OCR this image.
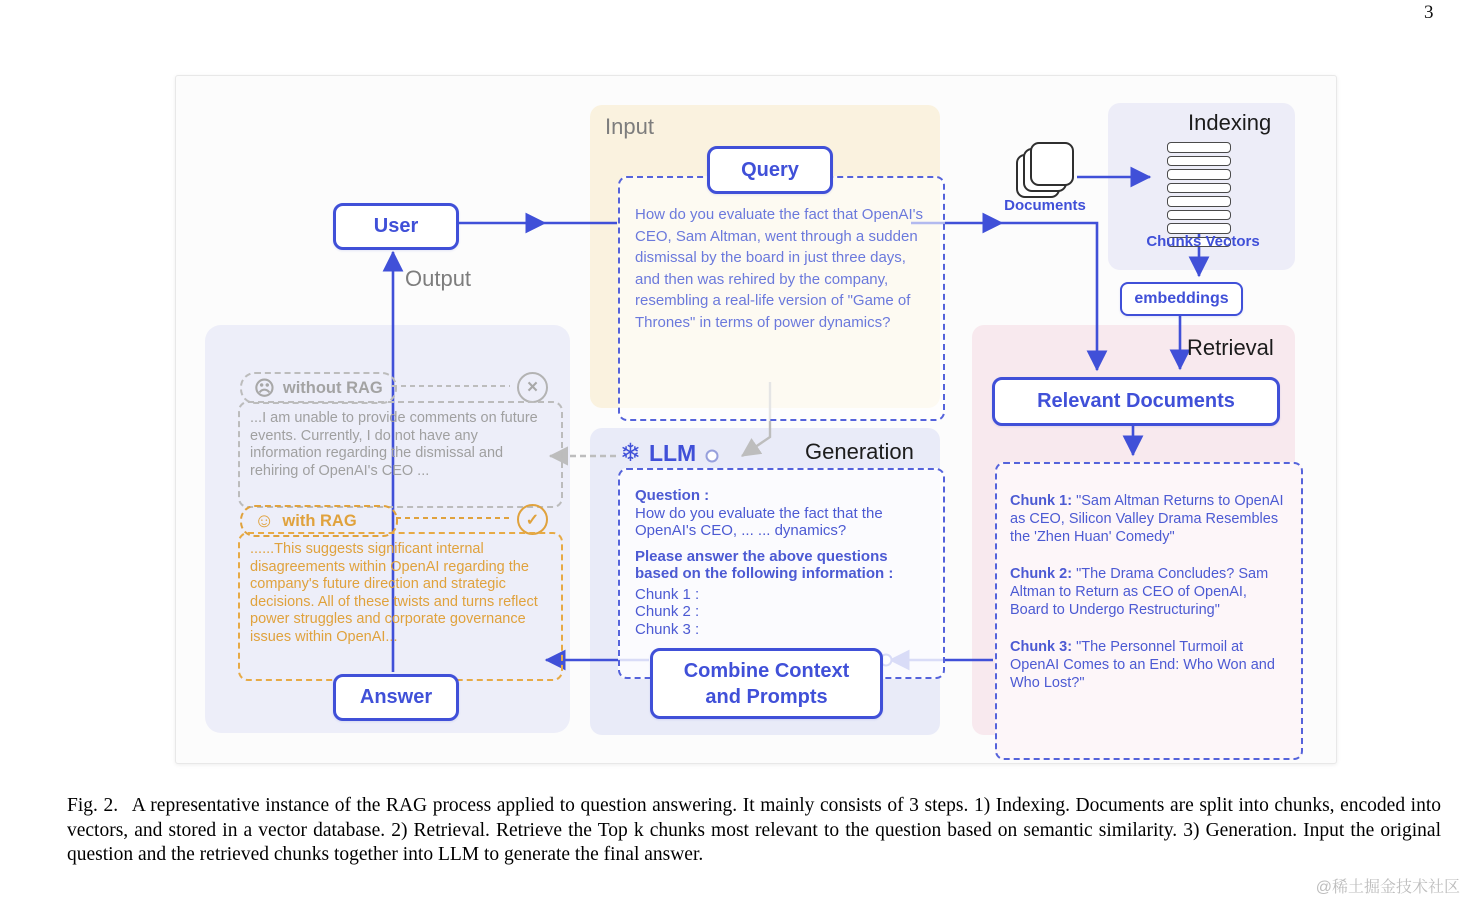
3
Input
How do you evaluate the fact that OpenAI's CEO, Sam Altman, went through a sudden dismissal by the board in just three days, and then was rehired by the company, resembling a real-life version of "Game of Thrones" in terms of power dynamics?
Query
User
Output
Indexing
Documents
Chunks Vectors
embeddings
Retrieval
Relevant Documents
Chunk 1: "Sam Altman Returns to OpenAI as CEO, Silicon Valley Drama Resembles the 'Zhen Huan' Comedy"
Chunk 2: "The Drama Concludes? Sam Altman to Return as CEO of OpenAI, Board to Undergo Restructuring"
Chunk 3: "The Personnel Turmoil at OpenAI Comes to an End: Who Won and Who Lost?"
Generation
❄ LLM
Question :
How do you evaluate the fact that the OpenAI's CEO, ... ... dynamics?
Please answer the above questions based on the following information :
Chunk 1 :
Chunk 2 :
Chunk 3 :
Combine Context
and Prompts
☹ without RAG	×
...I am unable to provide comments on future events. Currently, I do not have any information regarding the dismissal and rehiring of OpenAI's CEO ...
☺ with RAG	✓
......This suggests significant internal disagreements within OpenAI regarding the company's future direction and strategic decisions. All of these twists and turns reflect power struggles and corporate governance issues within OpenAI...
Answer
Fig. 2. A representative instance of the RAG process applied to question answering. It mainly consists of 3 steps. 1) Indexing. Documents are split into chunks, encoded into vectors, and stored in a vector database. 2) Retrieval. Retrieve the Top k chunks most relevant to the question based on semantic similarity. 3) Generation. Input the original question and the retrieved chunks together into LLM to generate the final answer.
@稀土掘金技术社区
